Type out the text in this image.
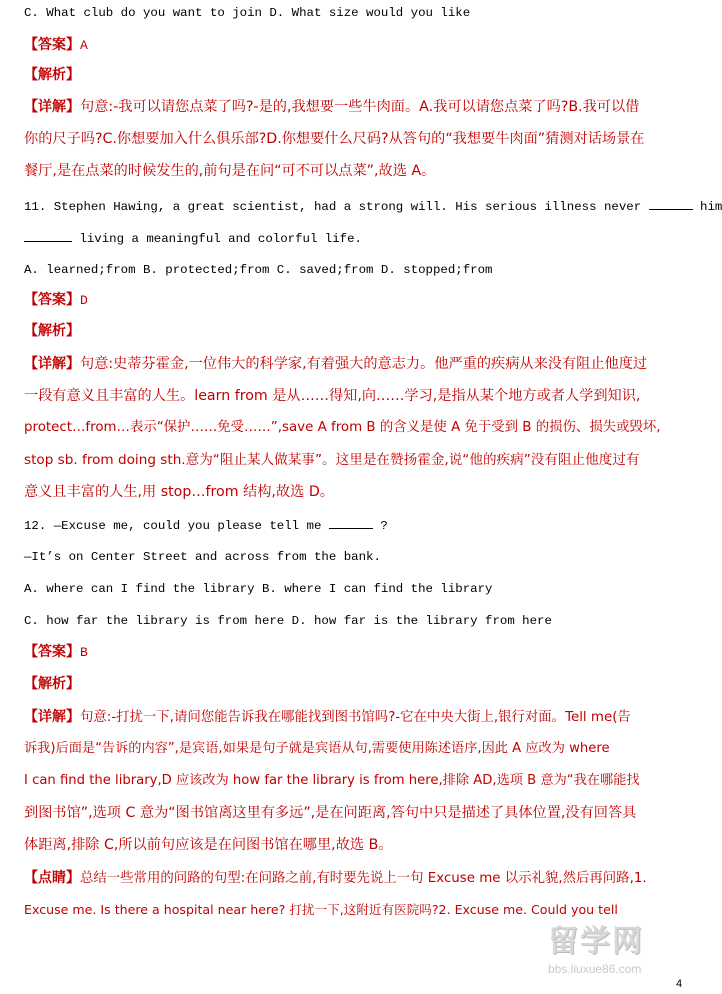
C. What club do you want to join D. What size would you like
【答案】A
【解析】
【详解】句意:-我可以请您点菜了吗?-是的,我想要一些牛肉面。A.我可以请您点菜了吗?B.我可以借
你的尺子吗?C.你想要加入什么俱乐部?D.你想要什么尺码?从答句的“我想要牛肉面”猜测对话场景在
餐厅,是在点菜的时候发生的,前句是在问“可不可以点菜”,故选 A。
11. Stephen Hawing, a great scientist, had a strong will. His serious illness never	him
living a meaningful and colorful life.
A. learned;from B. protected;from C. saved;from D. stopped;from
【答案】D
【解析】
【详解】句意:史蒂芬霍金,一位伟大的科学家,有着强大的意志力。他严重的疾病从来没有阻止他度过
一段有意义且丰富的人生。learn from 是从……得知,向……学习,是指从某个地方或者人学到知识,
protect…from…表示“保护……免受……”,save A from B 的含义是使 A 免于受到 B 的损伤、损失或毁坏,
stop sb. from doing sth.意为“阻止某人做某事”。这里是在赞扬霍金,说“他的疾病”没有阻止他度过有
意义且丰富的人生,用 stop…from 结构,故选 D。
12. —Excuse me, could you please tell me	?
—It’s on Center Street and across from the bank.
A. where can I find the library B. where I can find the library
C. how far the library is from here D. how far is the library from here
【答案】B
【解析】
【详解】句意:-打扰一下,请问您能告诉我在哪能找到图书馆吗?-它在中央大街上,银行对面。Tell me(告
诉我)后面是“告诉的内容”,是宾语,如果是句子就是宾语从句,需要使用陈述语序,因此 A 应改为 where
I can find the library,D 应该改为 how far the library is from here,排除 AD,选项 B 意为“我在哪能找
到图书馆”,选项 C 意为“图书馆离这里有多远”,是在问距离,答句中只是描述了具体位置,没有回答具
体距离,排除 C,所以前句应该是在问图书馆在哪里,故选 B。
【点睛】总结一些常用的问路的句型:在问路之前,有时要先说上一句 Excuse me 以示礼貌,然后再问路,1.
Excuse me. Is there a hospital near here? 打扰一下,这附近有医院吗?2. Excuse me. Could you tell
留学网
bbs.liuxue86.com
4
